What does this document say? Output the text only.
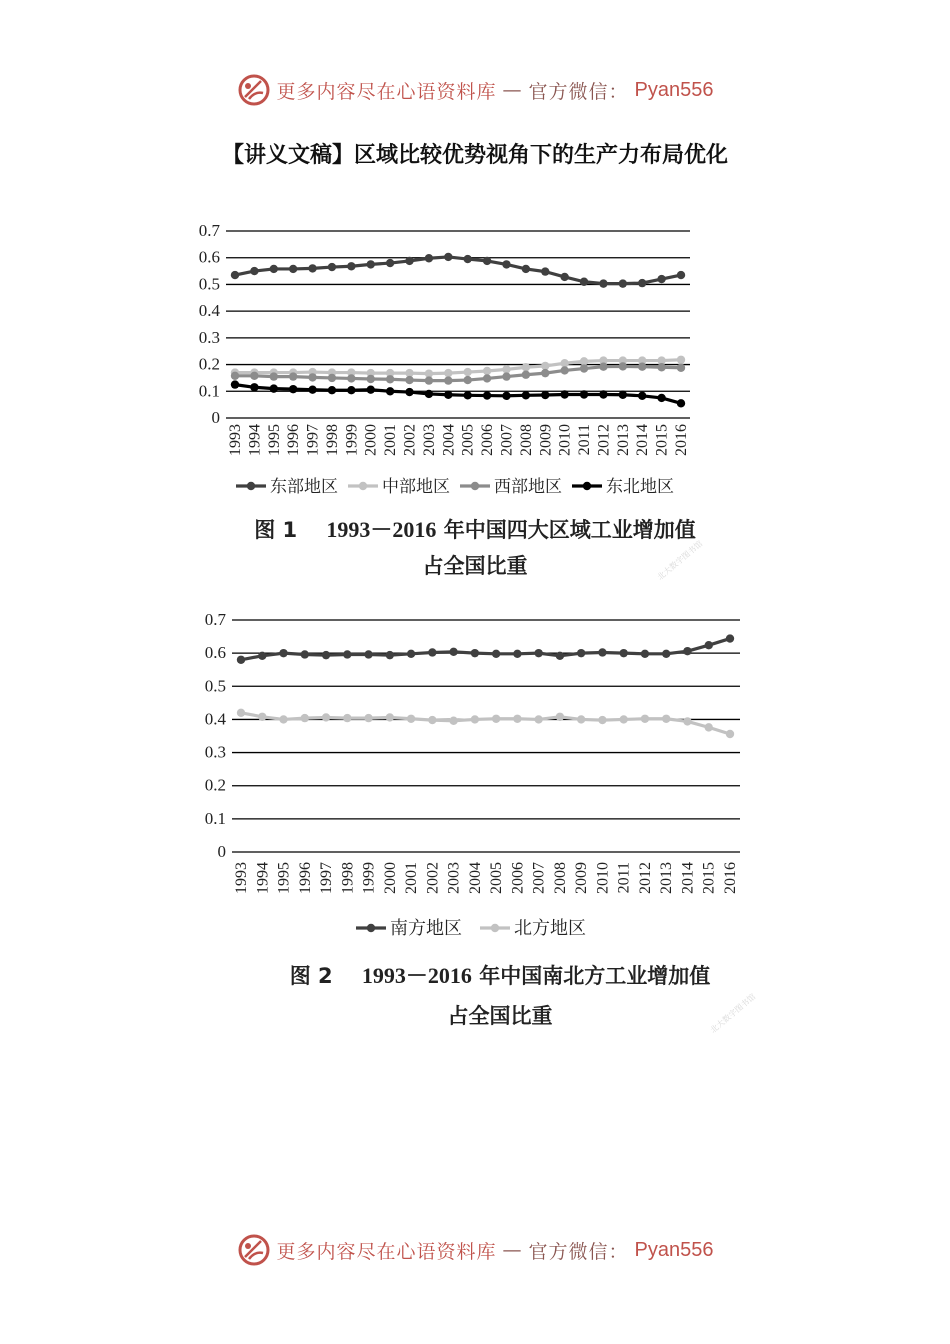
更多内容尽在心语资料库 — 官方微信： Pyan556
【讲义文稿】区域比较优势视角下的生产力布局优化
0
0.1
0.2
0.3
0.4
0.5
0.6
0.7
1993 1994 1995 1996 1997 1998 1999 2000 2001 2002 2003 2004 2005 2006 2007 2008 2009 2010 2011 2012 2013 2014 2015 2016
东部地区	中部地区	西部地区	东北地区
图 1 1993－2016 年中国四大区域工业增加值
占全国比重	北大数字图书馆
0
0.1
0.2
0.3
0.4
0.5
0.6
0.7
1993 1994 1995 1996 1997 1998 1999 2000 2001 2002 2003 2004 2005 2006 2007 2008 2009 2010 2011 2012 2013 2014 2015 2016
南方地区	北方地区
图 2 1993－2016 年中国南北方工业增加值
占全国比重	北大数字图书馆
更多内容尽在心语资料库 — 官方微信： Pyan556
